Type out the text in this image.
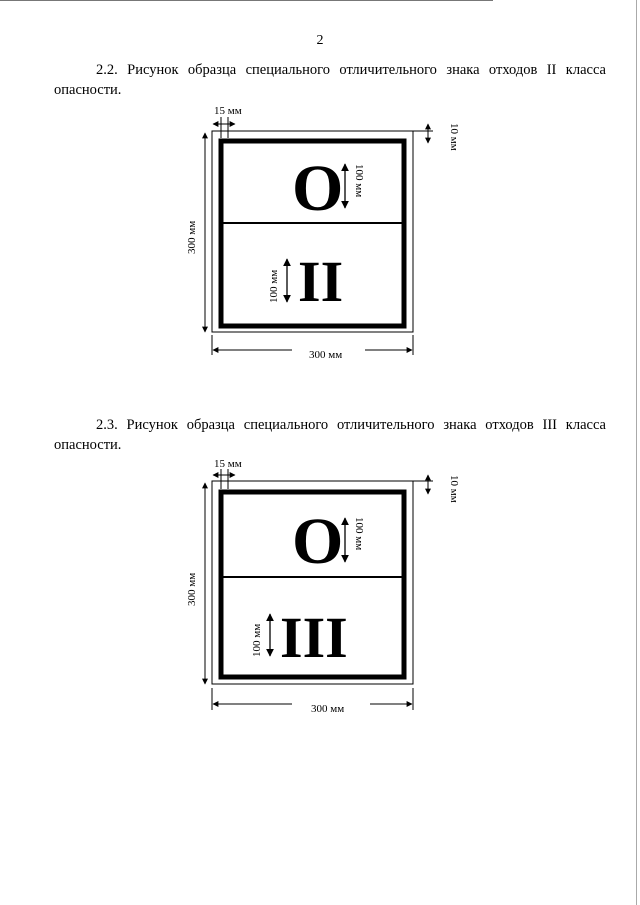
2
2.2. Рисунок образца специального отличительного знака отходов II класса
опасности.
2.3. Рисунок образца специального отличительного знака отходов III класса
опасности.
15 мм
10 мм
300 мм
300 мм
О 100 мм
II
100 мм
15 мм
10 мм
300 мм
300 мм
О 100 мм
III
100 мм
